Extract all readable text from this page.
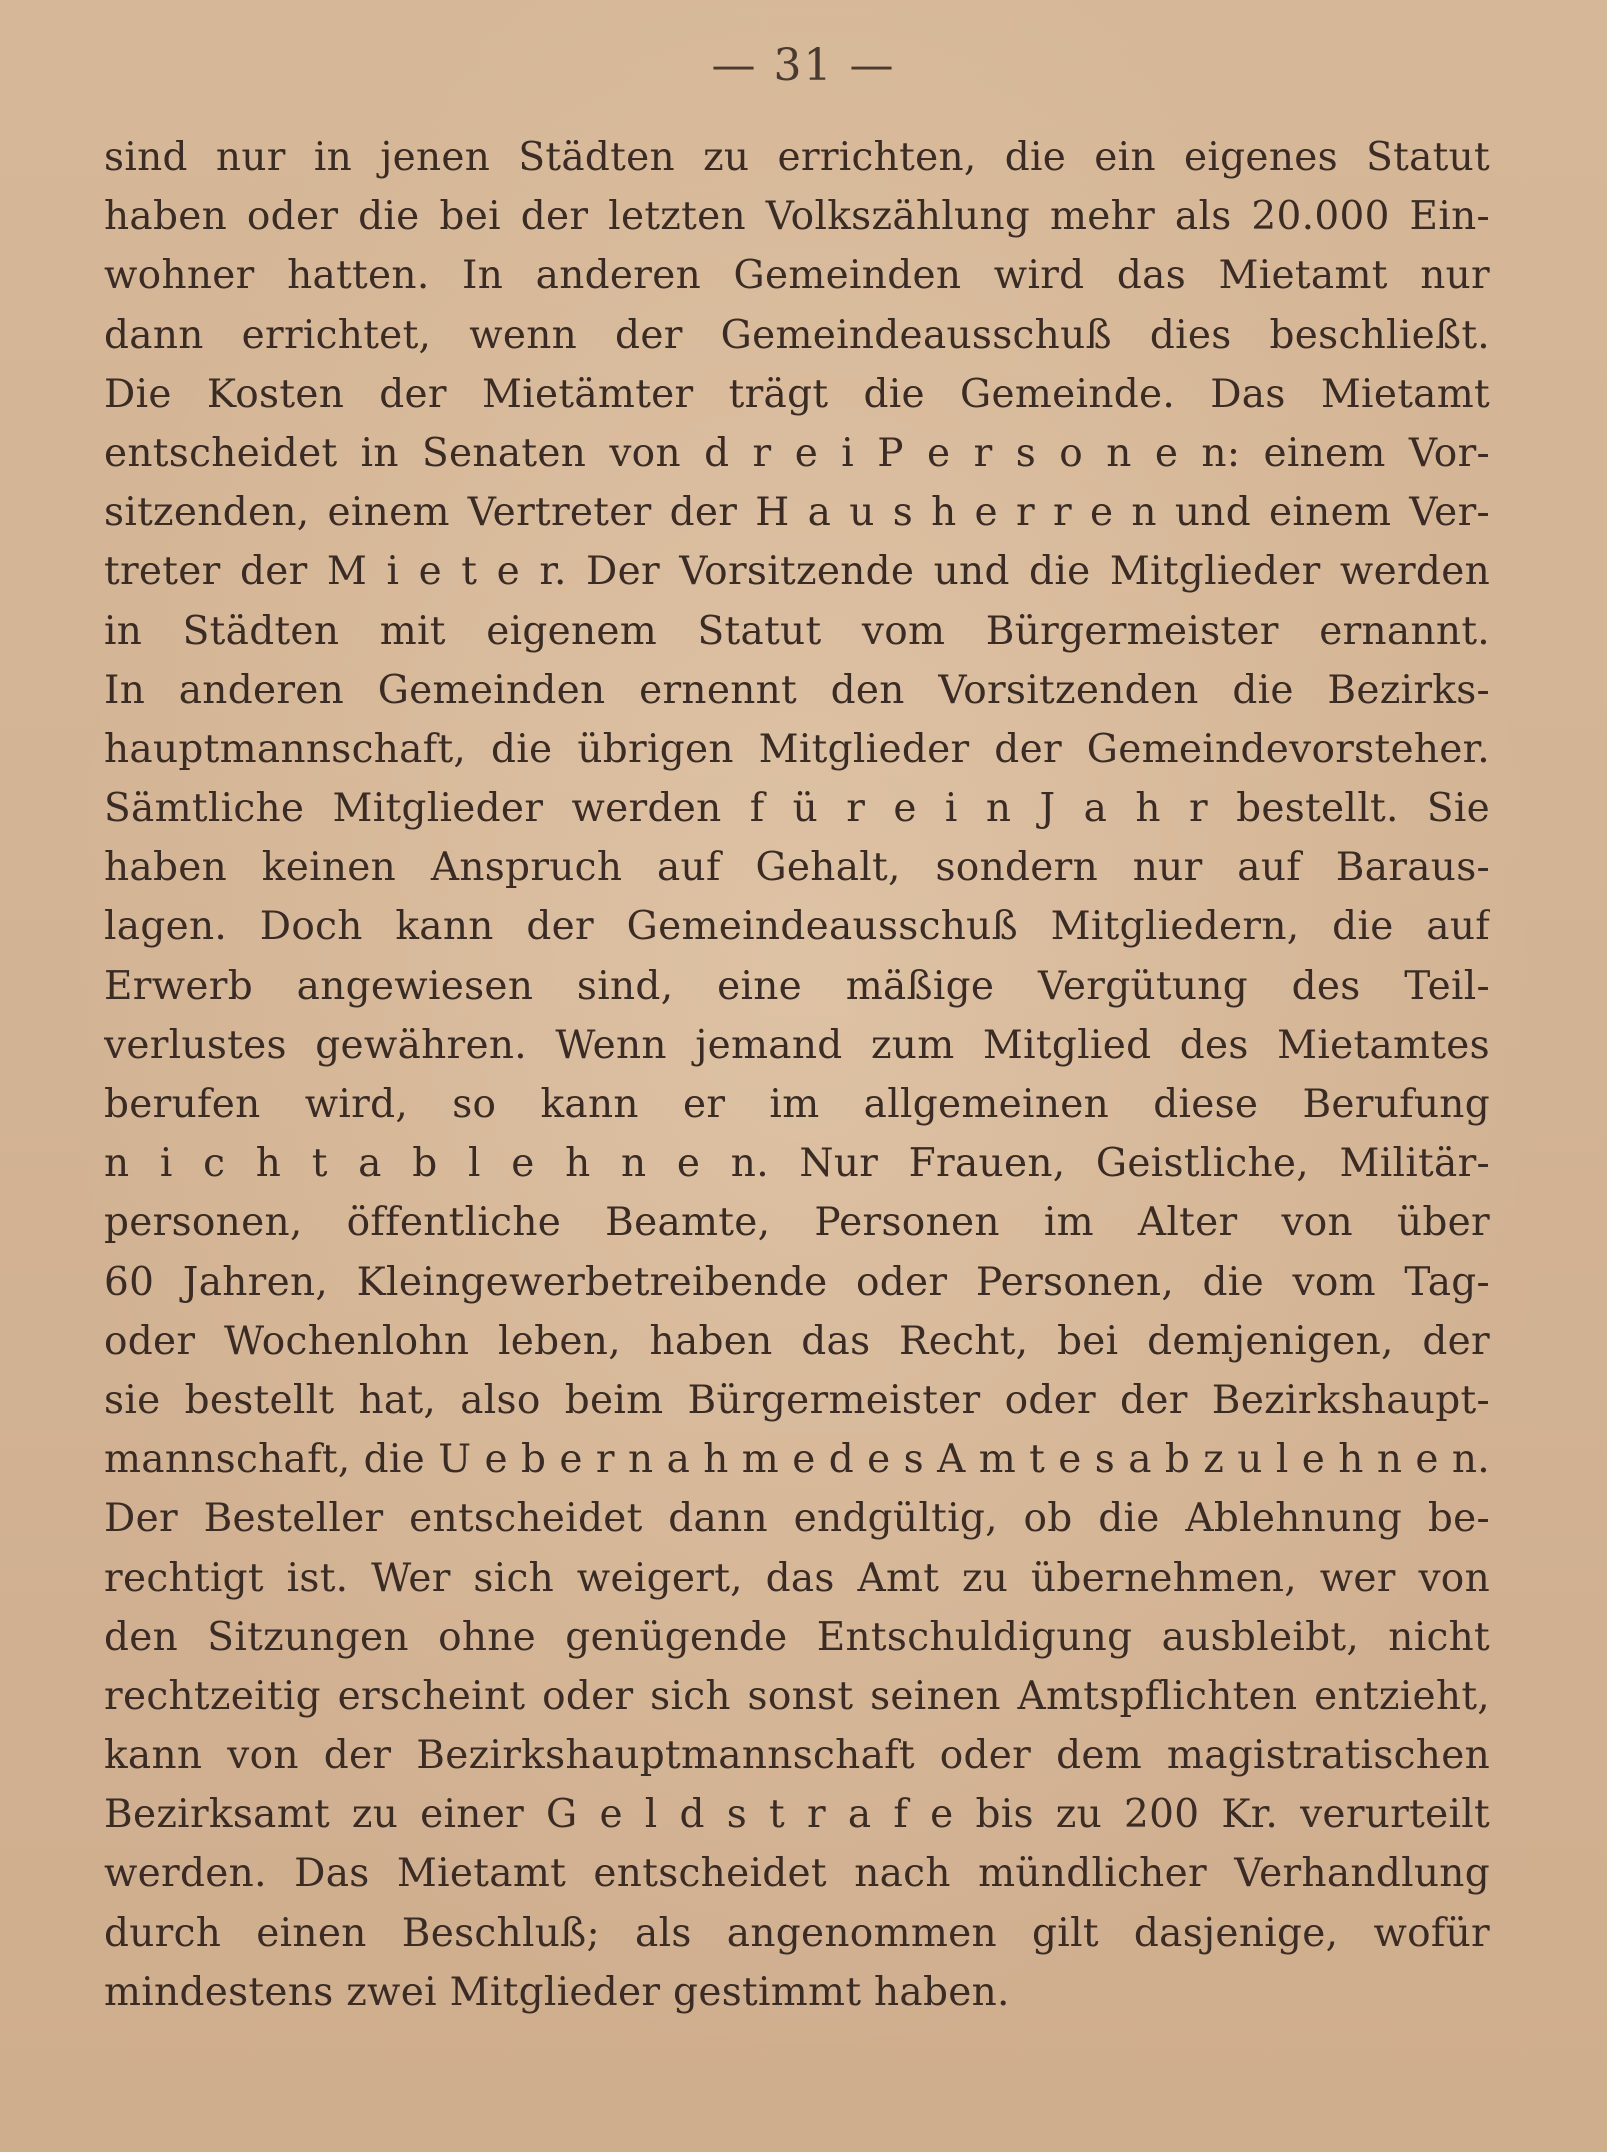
— 31 —
sind nur in jenen Städten zu errichten, die ein eigenes Statut
haben oder die bei der letzten Volkszählung mehr als 20.000 Ein-
wohner hatten. In anderen Gemeinden wird das Mietamt nur
dann errichtet, wenn der Gemeindeausschuß dies beschließt.
Die Kosten der Mietämter trägt die Gemeinde. Das Mietamt
entscheidet in Senaten von d r e i P e r s o n e n: einem Vor-
sitzenden, einem Vertreter der H a u s h e r r e n und einem Ver-
treter der M i e t e r. Der Vorsitzende und die Mitglieder werden
in Städten mit eigenem Statut vom Bürgermeister ernannt.
In anderen Gemeinden ernennt den Vorsitzenden die Bezirks-
hauptmannschaft, die übrigen Mitglieder der Gemeindevorsteher.
Sämtliche Mitglieder werden f ü r e i n J a h r bestellt. Sie
haben keinen Anspruch auf Gehalt, sondern nur auf Baraus-
lagen. Doch kann der Gemeindeausschuß Mitgliedern, die auf
Erwerb angewiesen sind, eine mäßige Vergütung des Teil-
verlustes gewähren. Wenn jemand zum Mitglied des Mietamtes
berufen wird, so kann er im allgemeinen diese Berufung
n i c h t a b l e h n e n. Nur Frauen, Geistliche, Militär-
personen, öffentliche Beamte, Personen im Alter von über
60 Jahren, Kleingewerbetreibende oder Personen, die vom Tag-
oder Wochenlohn leben, haben das Recht, bei demjenigen, der
sie bestellt hat, also beim Bürgermeister oder der Bezirkshaupt-
mannschaft, die U e b e r n a h m e d e s A m t e s a b z u l e h n e n.
Der Besteller entscheidet dann endgültig, ob die Ablehnung be-
rechtigt ist. Wer sich weigert, das Amt zu übernehmen, wer von
den Sitzungen ohne genügende Entschuldigung ausbleibt, nicht
rechtzeitig erscheint oder sich sonst seinen Amtspflichten entzieht,
kann von der Bezirkshauptmannschaft oder dem magistratischen
Bezirksamt zu einer G e l d s t r a f e bis zu 200 Kr. verurteilt
werden. Das Mietamt entscheidet nach mündlicher Verhandlung
durch einen Beschluß; als angenommen gilt dasjenige, wofür
mindestens zwei Mitglieder gestimmt haben.
